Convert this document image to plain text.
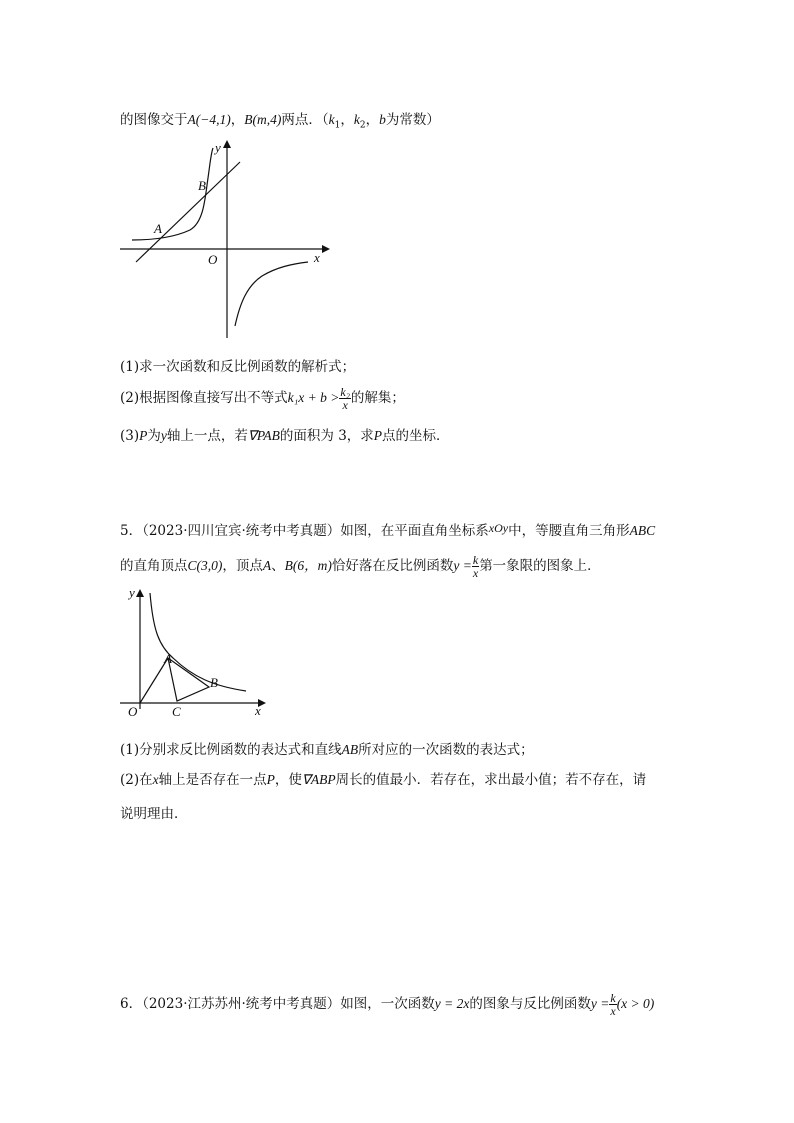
的图像交于A(−4,1)，B(m,4)两点．（$k_1$，$k_2$，b为常数）
y
x
O
A
B
(1)求一次函数和反比例函数的解析式；
(2)根据图像直接写出不等式$k_1x + b > \frac{\text{k₂}}{x}$ 的解集；
(3)P为y轴上一点，若∇PAB的面积为 3，求P点的坐标．
5．（2023·四川宜宾·统考中考真题）如图，在平面直角坐标系xOy中，等腰直角三角形ABC
的直角顶点C(3,0)，顶点A、B(6，m)恰好落在反比例函数$y = \frac{k}{x}$ 第一象限的图象上．
y
x
O
A
B
C
(1)分别求反比例函数的表达式和直线AB所对应的一次函数的表达式；
(2)在x轴上是否存在一点P，使∇ABP周长的值最小．若存在，求出最小值；若不存在，请
说明理由．
6．（2023·江苏苏州·统考中考真题）如图，一次函数y = 2x的图象与反比例函数$y = \frac{k}{x} (x > 0)$
